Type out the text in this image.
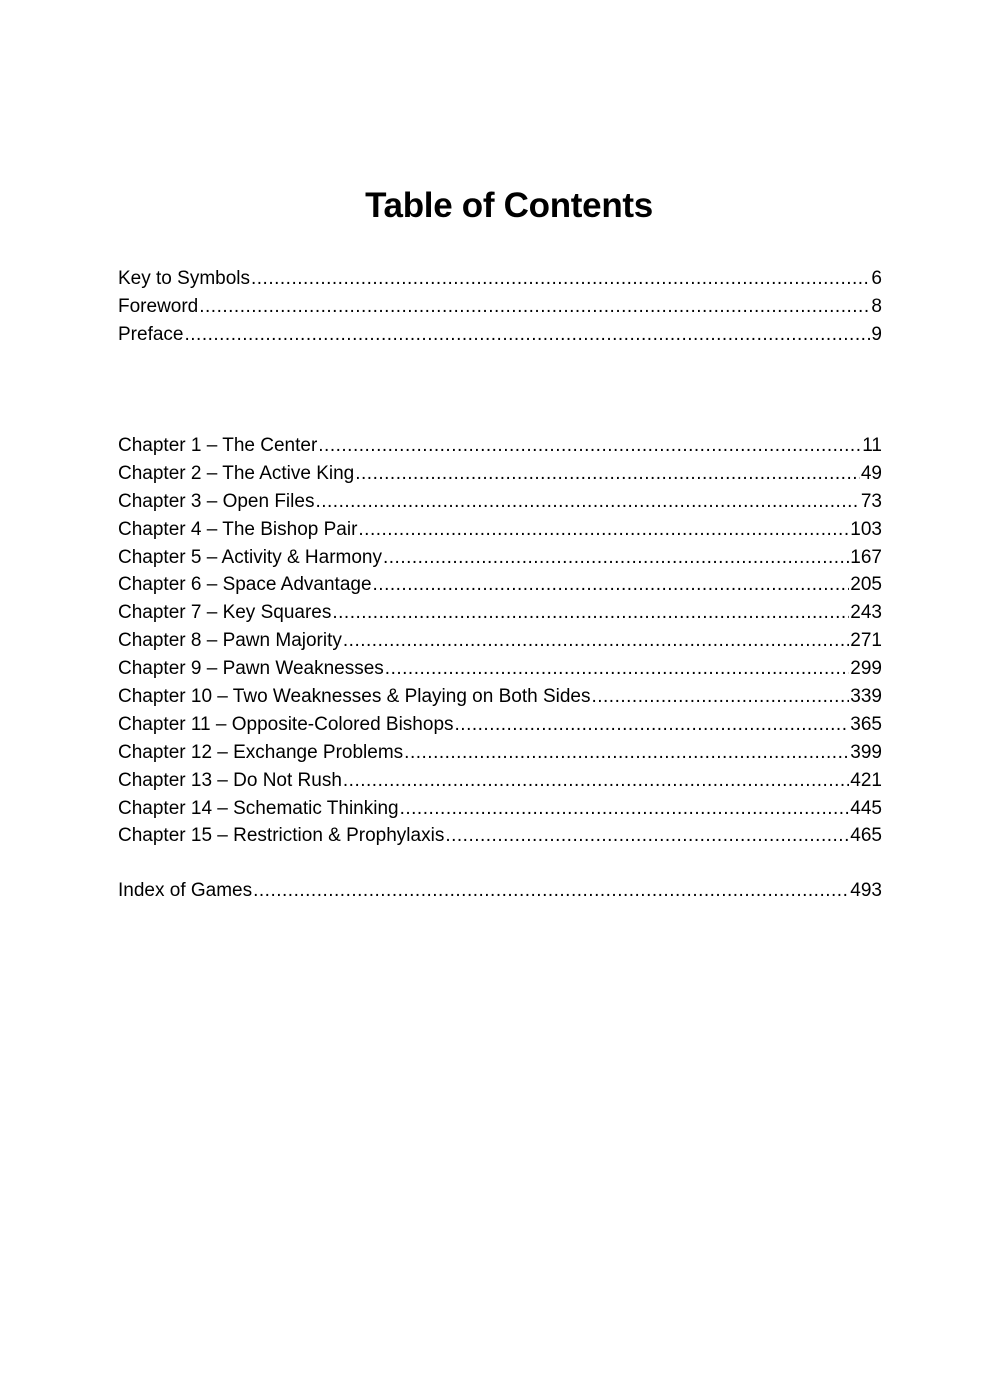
Table of Contents
Key to Symbols .....	6
Foreword .....	8
Preface .....	9
Chapter 1 – The Center .....	11
Chapter 2 – The Active King .....	49
Chapter 3 – Open Files .....	73
Chapter 4 – The Bishop Pair .....	103
Chapter 5 – Activity & Harmony .....	167
Chapter 6 – Space Advantage .....	205
Chapter 7 – Key Squares .....	243
Chapter 8 – Pawn Majority .....	271
Chapter 9 – Pawn Weaknesses .....	299
Chapter 10 – Two Weaknesses & Playing on Both Sides .....	339
Chapter 11 – Opposite-Colored Bishops .....	365
Chapter 12 – Exchange Problems .....	399
Chapter 13 – Do Not Rush .....	421
Chapter 14 – Schematic Thinking .....	445
Chapter 15 – Restriction & Prophylaxis .....	465
Index of Games .....	493
